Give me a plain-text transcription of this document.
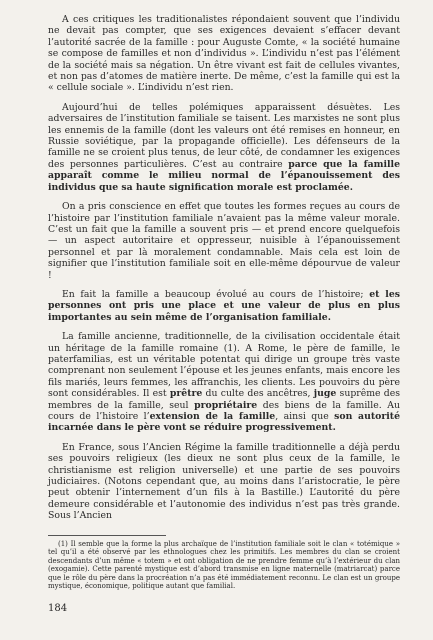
A ces critiques les traditionalistes répondaient souvent que l’individu ne devait pas compter, que ses exigences devaient s’effacer devant l’autorité sacrée de la famille : pour Auguste Comte, « la société humaine se compose de familles et non d’individus ». L’individu n’est pas l’élément de la société mais sa négation. Un être vivant est fait de cellules vivantes, et non pas d’atomes de matière inerte. De même, c’est la famille qui est la « cellule sociale ». L’individu n’est rien.

Aujourd’hui de telles polémiques apparaissent désuètes. Les adversaires de l’institution familiale se taisent. Les marxistes ne sont plus les ennemis de la famille (dont les valeurs ont été remises en honneur, en Russie soviétique, par la propagande officielle). Les défenseurs de la famille ne se croient plus tenus, de leur côté, de condamner les exigences des personnes particulières. C’est au contraire parce que la famille apparaît comme le milieu normal de l’épanouissement des individus que sa haute signification morale est proclamée.

On a pris conscience en effet que toutes les formes reçues au cours de l’histoire par l’institution familiale n’avaient pas la même valeur morale. C’est un fait que la famille a souvent pris — et prend encore quelquefois — un aspect autoritaire et oppresseur, nuisible à l’épanouissement personnel et par là moralement condamnable. Mais cela est loin de signifier que l’institution familiale soit en elle-même dépourvue de valeur !

En fait la famille a beaucoup évolué au cours de l’histoire; et les personnes ont pris une place et une valeur de plus en plus importantes au sein même de l’organisation familiale.

La famille ancienne, traditionnelle, de la civilisation occidentale était un héritage de la famille romaine (1). A Rome, le père de famille, le paterfamilias, est un véritable potentat qui dirige un groupe très vaste comprenant non seulement l’épouse et les jeunes enfants, mais encore les fils mariés, leurs femmes, les affranchis, les clients. Les pouvoirs du père sont considérables. Il est prêtre du culte des ancêtres, juge suprême des membres de la famille, seul propriétaire des biens de la famille. Au cours de l’histoire l’extension de la famille, ainsi que son autorité incarnée dans le père vont se réduire progressivement.

En France, sous l’Ancien Régime la famille traditionnelle a déjà perdu ses pouvoirs religieux (les dieux ne sont plus ceux de la famille, le christianisme est religion universelle) et une partie de ses pouvoirs judiciaires. (Notons cependant que, au moins dans l’aristocratie, le père peut obtenir l’internement d’un fils à la Bastille.) L’autorité du père demeure considérable et l’autonomie des individus n’est pas très grande. Sous l’Ancien

(1) Il semble que la forme la plus archaïque de l’institution familiale soit le clan « totémique » tel qu’il a été observé par les ethnologues chez les primitifs. Les membres du clan se croient descendants d’un même « totem » et ont obligation de ne prendre femme qu’à l’extérieur du clan (exogamie). Cette parenté mystique est d’abord transmise en ligne maternelle (matriarcat) parce que le rôle du père dans la procréation n’a pas été immédiatement reconnu. Le clan est un groupe mystique, économique, politique autant que familial.

184
